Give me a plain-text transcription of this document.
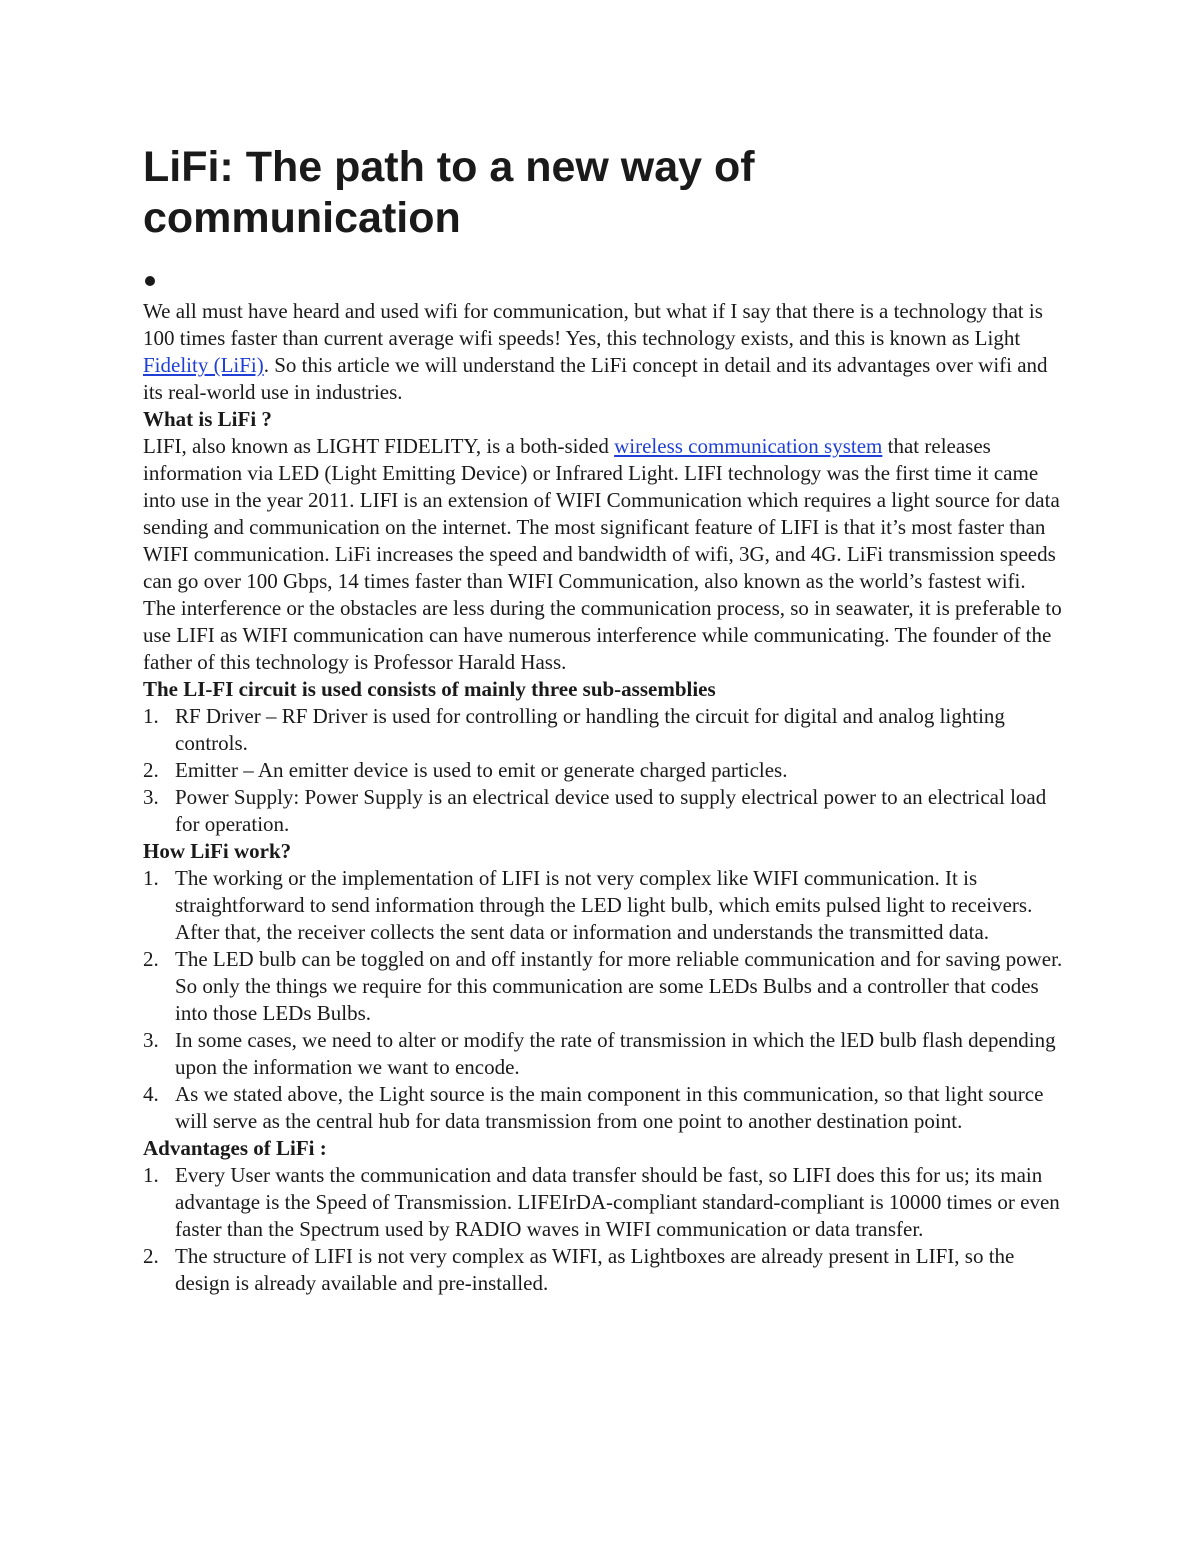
LiFi: The path to a new way of communication

We all must have heard and used wifi for communication, but what if I say that there is a technology that is 100 times faster than current average wifi speeds! Yes, this technology exists, and this is known as Light Fidelity (LiFi). So this article we will understand the LiFi concept in detail and its advantages over wifi and its real-world use in industries.

What is LiFi ?

LIFI, also known as LIGHT FIDELITY, is a both-sided wireless communication system that releases information via LED (Light Emitting Device) or Infrared Light. LIFI technology was the first time it came into use in the year 2011. LIFI is an extension of WIFI Communication which requires a light source for data sending and communication on the internet. The most significant feature of LIFI is that it’s most faster than WIFI communication. LiFi increases the speed and bandwidth of wifi, 3G, and 4G. LiFi transmission speeds can go over 100 Gbps, 14 times faster than WIFI Communication, also known as the world’s fastest wifi. The interference or the obstacles are less during the communication process, so in seawater, it is preferable to use LIFI as WIFI communication can have numerous interference while communicating. The founder of the father of this technology is Professor Harald Hass.

The LI-FI circuit is used consists of mainly three sub-assemblies
1. RF Driver – RF Driver is used for controlling or handling the circuit for digital and analog lighting controls.
2. Emitter – An emitter device is used to emit or generate charged particles.
3. Power Supply: Power Supply is an electrical device used to supply electrical power to an electrical load for operation.
How LiFi work?
1. The working or the implementation of LIFI is not very complex like WIFI communication. It is straightforward to send information through the LED light bulb, which emits pulsed light to receivers. After that, the receiver collects the sent data or information and understands the transmitted data.
2. The LED bulb can be toggled on and off instantly for more reliable communication and for saving power. So only the things we require for this communication are some LEDs Bulbs and a controller that codes into those LEDs Bulbs.
3. In some cases, we need to alter or modify the rate of transmission in which the lED bulb flash depending upon the information we want to encode.
4. As we stated above, the Light source is the main component in this communication, so that light source will serve as the central hub for data transmission from one point to another destination point.
Advantages of LiFi :
1. Every User wants the communication and data transfer should be fast, so LIFI does this for us; its main advantage is the Speed of Transmission. LIFEIrDA-compliant standard-compliant is 10000 times or even faster than the Spectrum used by RADIO waves in WIFI communication or data transfer.
2. The structure of LIFI is not very complex as WIFI, as Lightboxes are already present in LIFI, so the design is already available and pre-installed.
